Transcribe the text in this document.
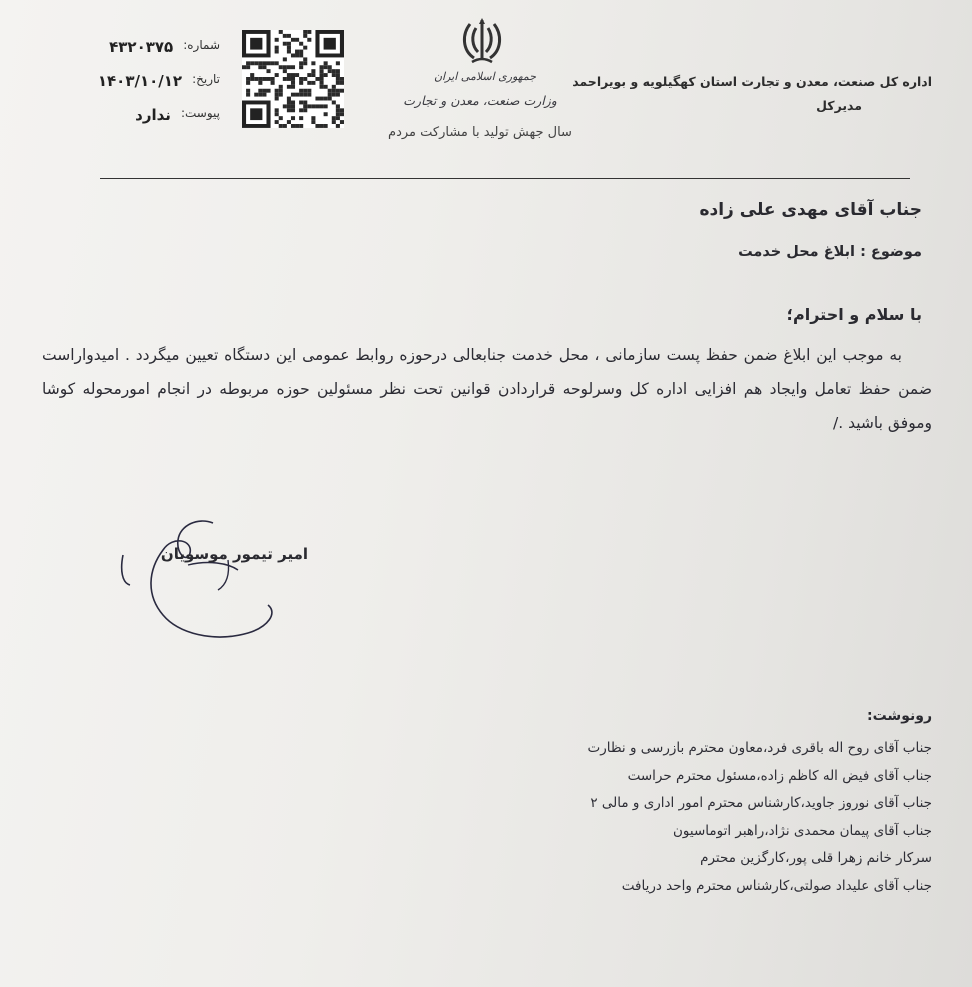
شماره:
۴۳۲۰۳۷۵
تاریخ:
۱۴۰۳/۱۰/۱۲
پیوست:
ندارد
جمهوری اسلامی ایران
وزارت صنعت، معدن و تجارت
سال جهش تولید با مشارکت مردم
اداره کل صنعت، معدن و تجارت استان کهگیلویه و بویراحمد
مدیرکل
جناب آقای مهدی علی زاده
موضوع : ابلاغ محل خدمت
با سلام و احترام؛
به موجب این ابلاغ ضمن حفظ پست سازمانی ، محل خدمت جنابعالی درحوزه روابط عمومی این دستگاه تعیین میگردد . امیدواراست ضمن حفظ تعامل وایجاد هم افزایی اداره کل وسرلوحه قراردادن قوانین تحت نظر مسئولین حوزه مربوطه در انجام امورمحوله کوشا وموفق باشید ./
امیر تیمور موسویان
رونوشت:
جناب آقای روح اله باقری فرد،معاون محترم بازرسی و نظارت
جناب آقای فیض اله کاظم زاده،مسئول محترم حراست
جناب آقای نوروز جاوید،کارشناس محترم امور اداری و مالی ۲
جناب آقای پیمان محمدی نژاد،راهبر اتوماسیون
سرکار خانم زهرا قلی پور،کارگزین محترم
جناب آقای علیداد صولتی،کارشناس محترم واحد دریافت
